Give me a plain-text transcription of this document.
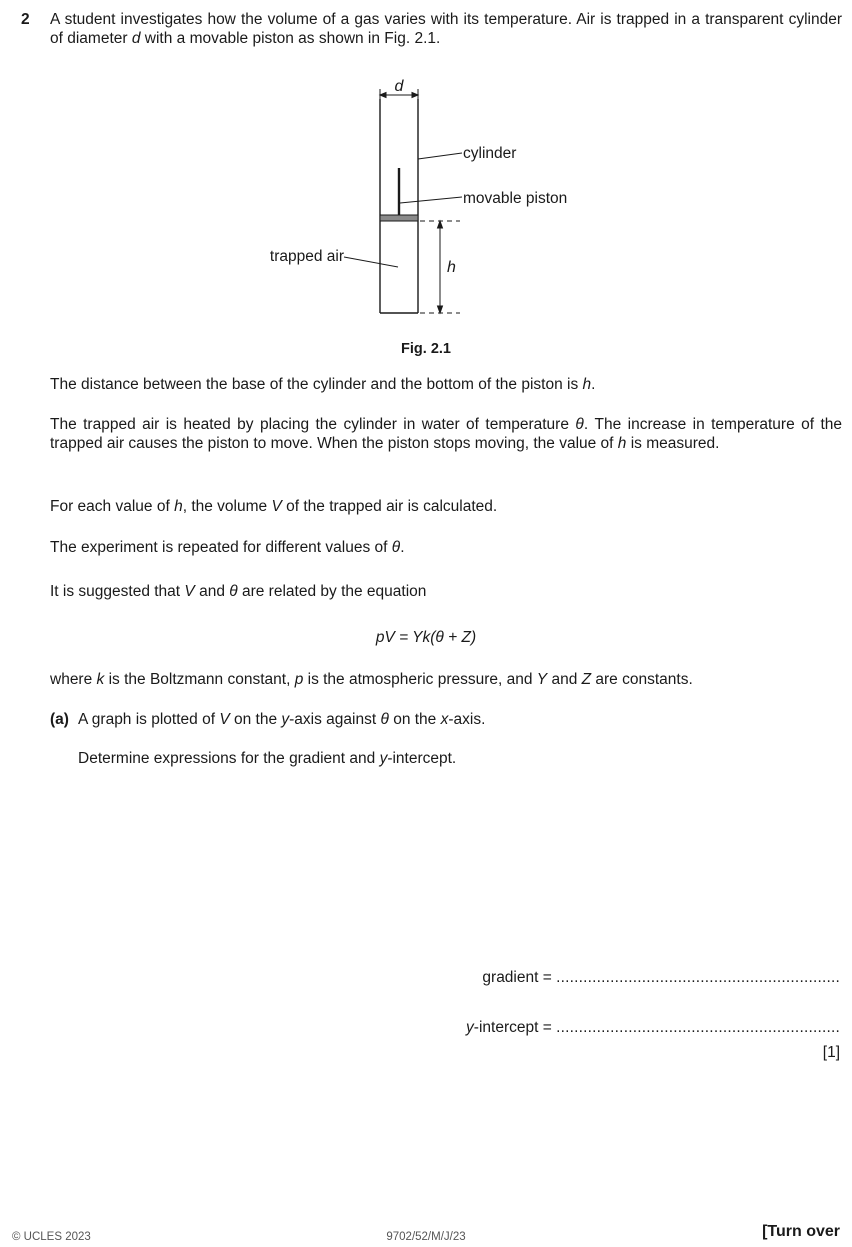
2 A student investigates how the volume of a gas varies with its temperature. Air is trapped in a transparent cylinder of diameter d with a movable piston as shown in Fig. 2.1.
d
cylinder
movable piston
trapped air
h
Fig. 2.1
The distance between the base of the cylinder and the bottom of the piston is h.
The trapped air is heated by placing the cylinder in water of temperature θ. The increase in temperature of the trapped air causes the piston to move. When the piston stops moving, the value of h is measured.
For each value of h, the volume V of the trapped air is calculated.
The experiment is repeated for different values of θ.
It is suggested that V and θ are related by the equation
pV = Yk(θ + Z)
where k is the Boltzmann constant, p is the atmospheric pressure, and Y and Z are constants.
(a) A graph is plotted of V on the y-axis against θ on the x-axis.
Determine expressions for the gradient and y-intercept.
gradient = ...............................................................
y-intercept = ...............................................................
[1]
© UCLES 2023	9702/52/M/J/23	[Turn over
